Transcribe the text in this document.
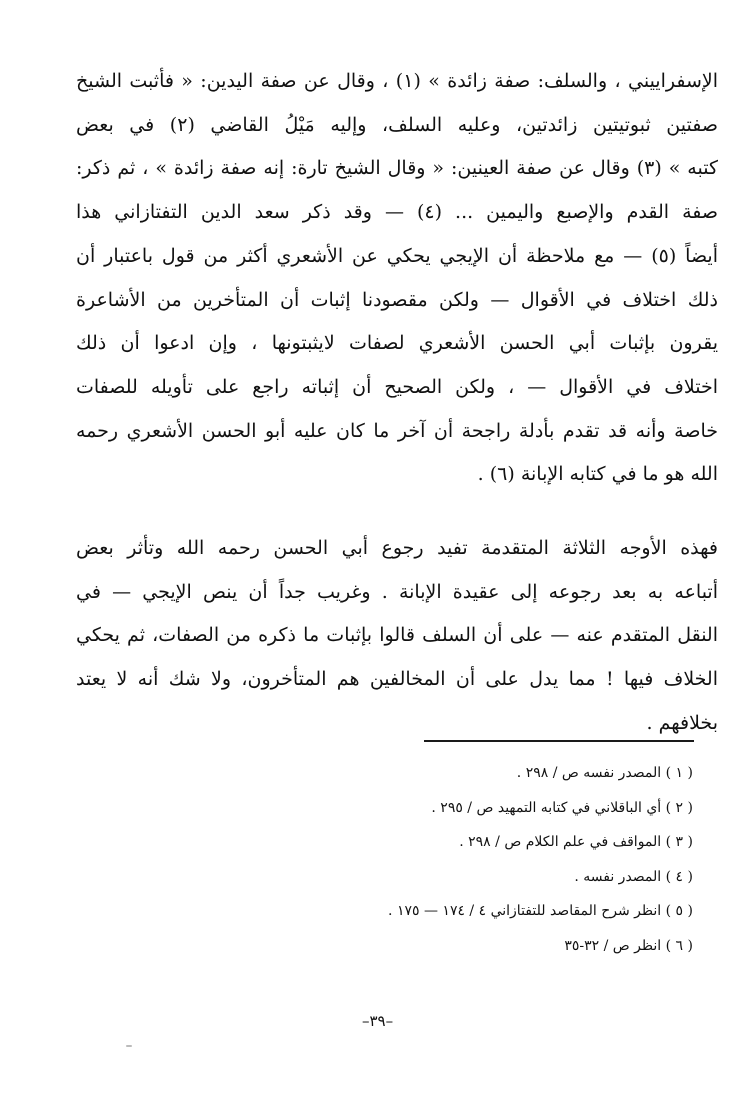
الإسفراييني ، والسلف: صفة زائدة » (١) ، وقال عن صفة اليدين: « فأثبت الشيخ
صفتين ثبوتيتين زائدتين، وعليه السلف، وإليه مَيْلُ القاضي (٢) في بعض
كتبه » (٣) وقال عن صفة العينين: « وقال الشيخ تارة: إنه صفة زائدة » ، ثم ذكر:
صفة القدم والإصبع واليمين ... (٤) — وقد ذكر سعد الدين التفتازاني هذا
أيضاً (٥) — مع ملاحظة أن الإيجي يحكي عن الأشعري أكثر من قول باعتبار أن
ذلك اختلاف في الأقوال — ولكن مقصودنا إثبات أن المتأخرين من الأشاعرة
يقرون بإثبات أبي الحسن الأشعري لصفات لايثبتونها ، وإن ادعوا أن ذلك
اختلاف في الأقوال — ، ولكن الصحيح أن إثباته راجع على تأويله للصفات
خاصة وأنه قد تقدم بأدلة راجحة أن آخر ما كان عليه أبو الحسن الأشعري رحمه
الله هو ما في كتابه الإبانة (٦) .
فهذه الأوجه الثلاثة المتقدمة تفيد رجوع أبي الحسن رحمه الله وتأثر بعض
أتباعه به بعد رجوعه إلى عقيدة الإبانة . وغريب جداً أن ينص الإيجي — في
النقل المتقدم عنه — على أن السلف قالوا بإثبات ما ذكره من الصفات، ثم يحكي
الخلاف فيها ! مما يدل على أن المخالفين هم المتأخرون، ولا شك أنه لا يعتد
بخلافهم .
( ١ ) المصدر نفسه ص / ٢٩٨ .
( ٢ ) أي الباقلاني في كتابه التمهيد ص / ٢٩٥ .
( ٣ ) المواقف في علم الكلام ص / ٢٩٨ .
( ٤ ) المصدر نفسه .
( ٥ ) انظر شرح المقاصد للتفتازاني ٤ / ١٧٤ — ١٧٥ .
( ٦ ) انظر ص / ٣٢-٣٥
–٣٩–
